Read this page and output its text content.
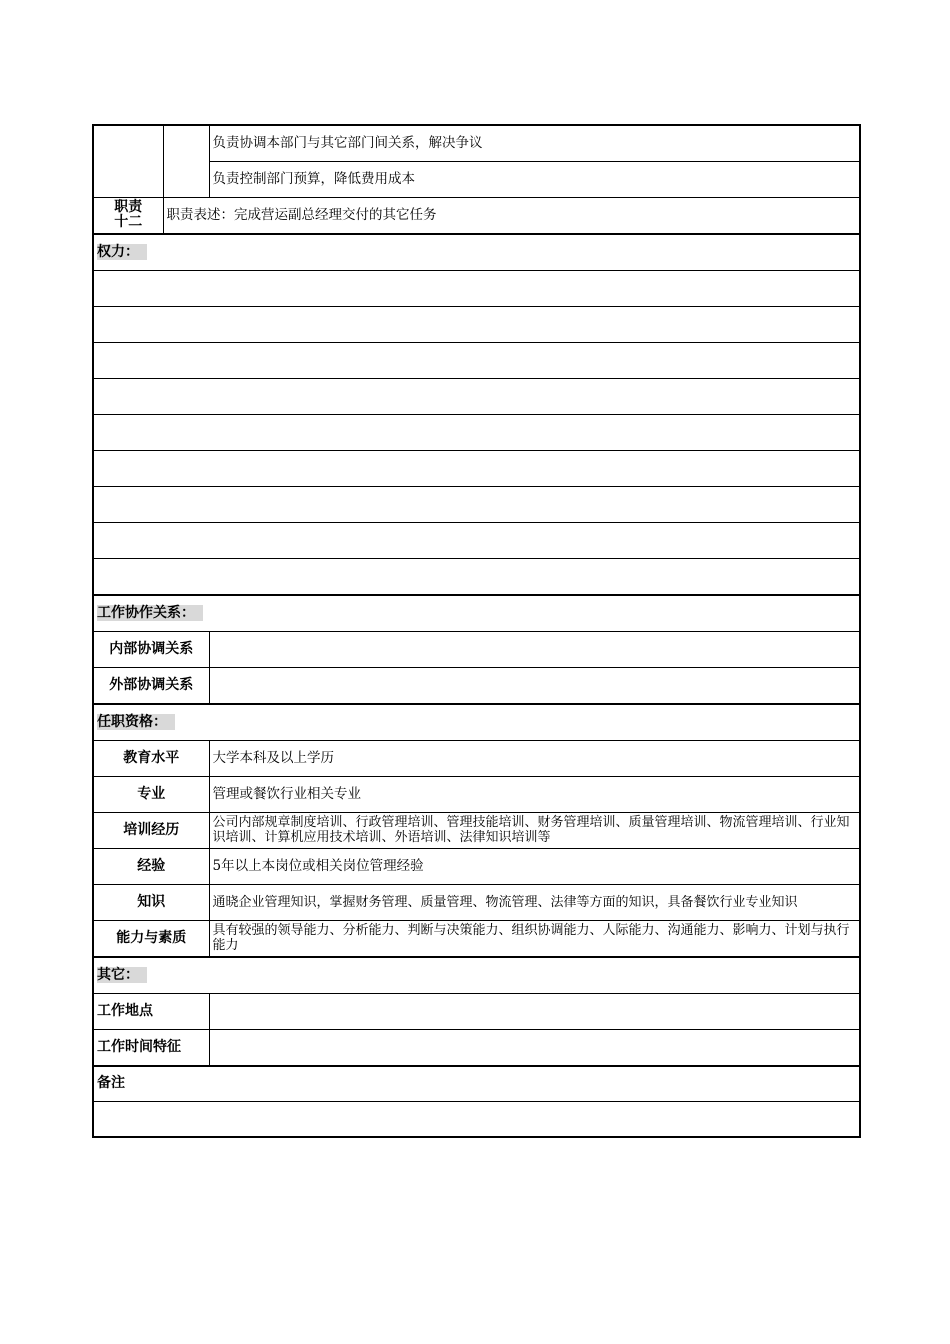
		负责协调本部门与其它部门间关系，解决争议
		负责控制部门预算，降低费用成本
职责
十二	职责表述：完成营运副总经理交付的其它任务	
权力：		

工作协作关系：		
内部协调关系		
外部协调关系		
任职资格：		
教育水平		大学本科及以上学历
专业		管理或餐饮行业相关专业
培训经历		公司内部规章制度培训、行政管理培训、管理技能培训、财务管理培训、质量管理培训、物流管理培训、行业知识培训、计算机应用技术培训、外语培训、法律知识培训等
经验		5年以上本岗位或相关岗位管理经验
知识		通晓企业管理知识，掌握财务管理、质量管理、物流管理、法律等方面的知识，具备餐饮行业专业知识
能力与素质		具有较强的领导能力、分析能力、判断与决策能力、组织协调能力、人际能力、沟通能力、影响力、计划与执行能力
其它：		
工作地点		
工作时间特征		
备注		
